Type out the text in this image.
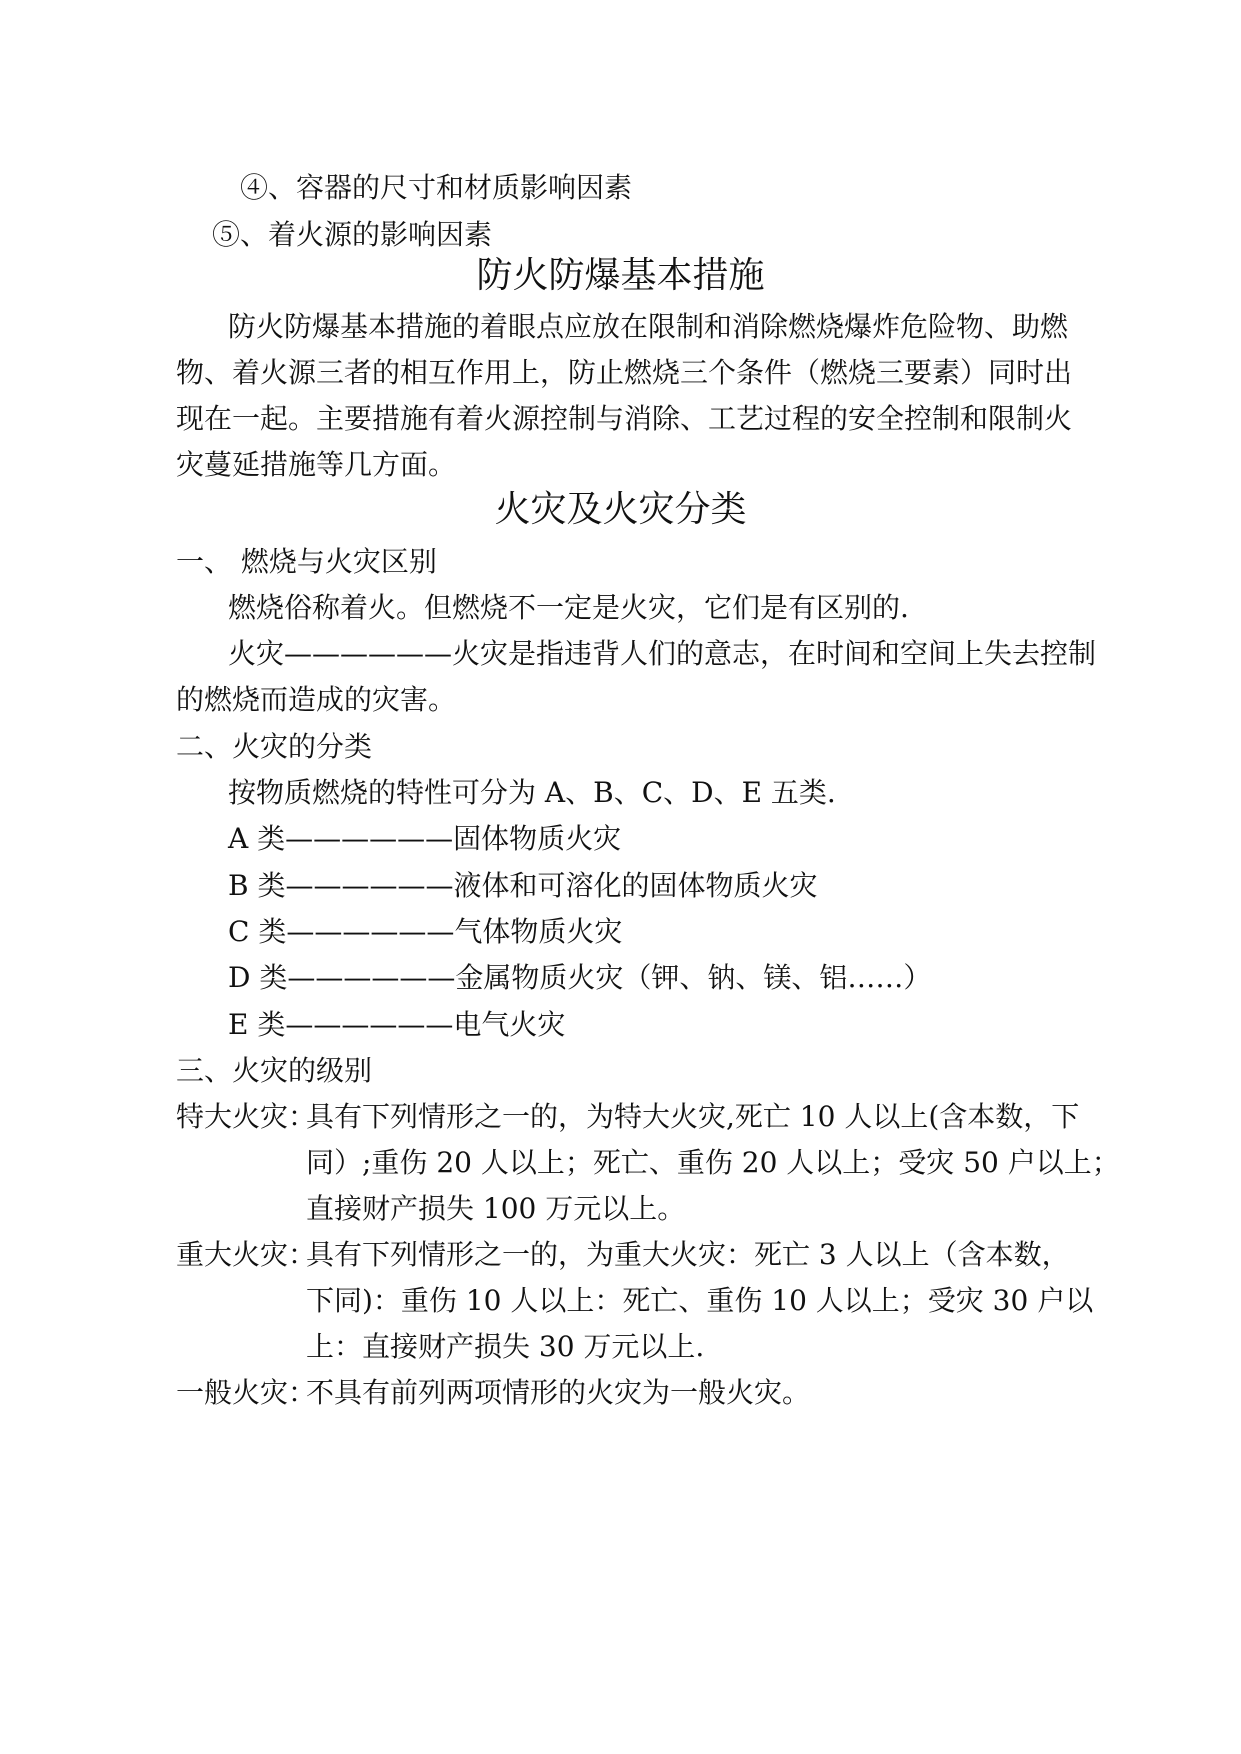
④、容器的尺寸和材质影响因素
⑤、着火源的影响因素
防火防爆基本措施
防火防爆基本措施的着眼点应放在限制和消除燃烧爆炸危险物、助燃
物、着火源三者的相互作用上，防止燃烧三个条件（燃烧三要素）同时出
现在一起。主要措施有着火源控制与消除、工艺过程的安全控制和限制火
灾蔓延措施等几方面。
火灾及火灾分类
一、 燃烧与火灾区别
燃烧俗称着火。但燃烧不一定是火灾，它们是有区别的.
火灾——————火灾是指违背人们的意志，在时间和空间上失去控制
的燃烧而造成的灾害。
二、火灾的分类
按物质燃烧的特性可分为 A、B、C、D、E 五类.
A 类——————固体物质火灾
B 类——————液体和可溶化的固体物质火灾
C 类——————气体物质火灾
D 类——————金属物质火灾（钾、钠、镁、铝……）
E 类——————电气火灾
三、火灾的级别
特大火灾：
具有下列情形之一的，为特大火灾,死亡 10 人以上(含本数，下
同）;重伤 20 人以上；死亡、重伤 20 人以上；受灾 50 户以上；
直接财产损失 100 万元以上。
重大火灾：
具有下列情形之一的，为重大火灾：死亡 3 人以上（含本数，
下同)：重伤 10 人以上：死亡、重伤 10 人以上；受灾 30 户以
上：直接财产损失 30 万元以上.
一般火灾：
不具有前列两项情形的火灾为一般火灾。
